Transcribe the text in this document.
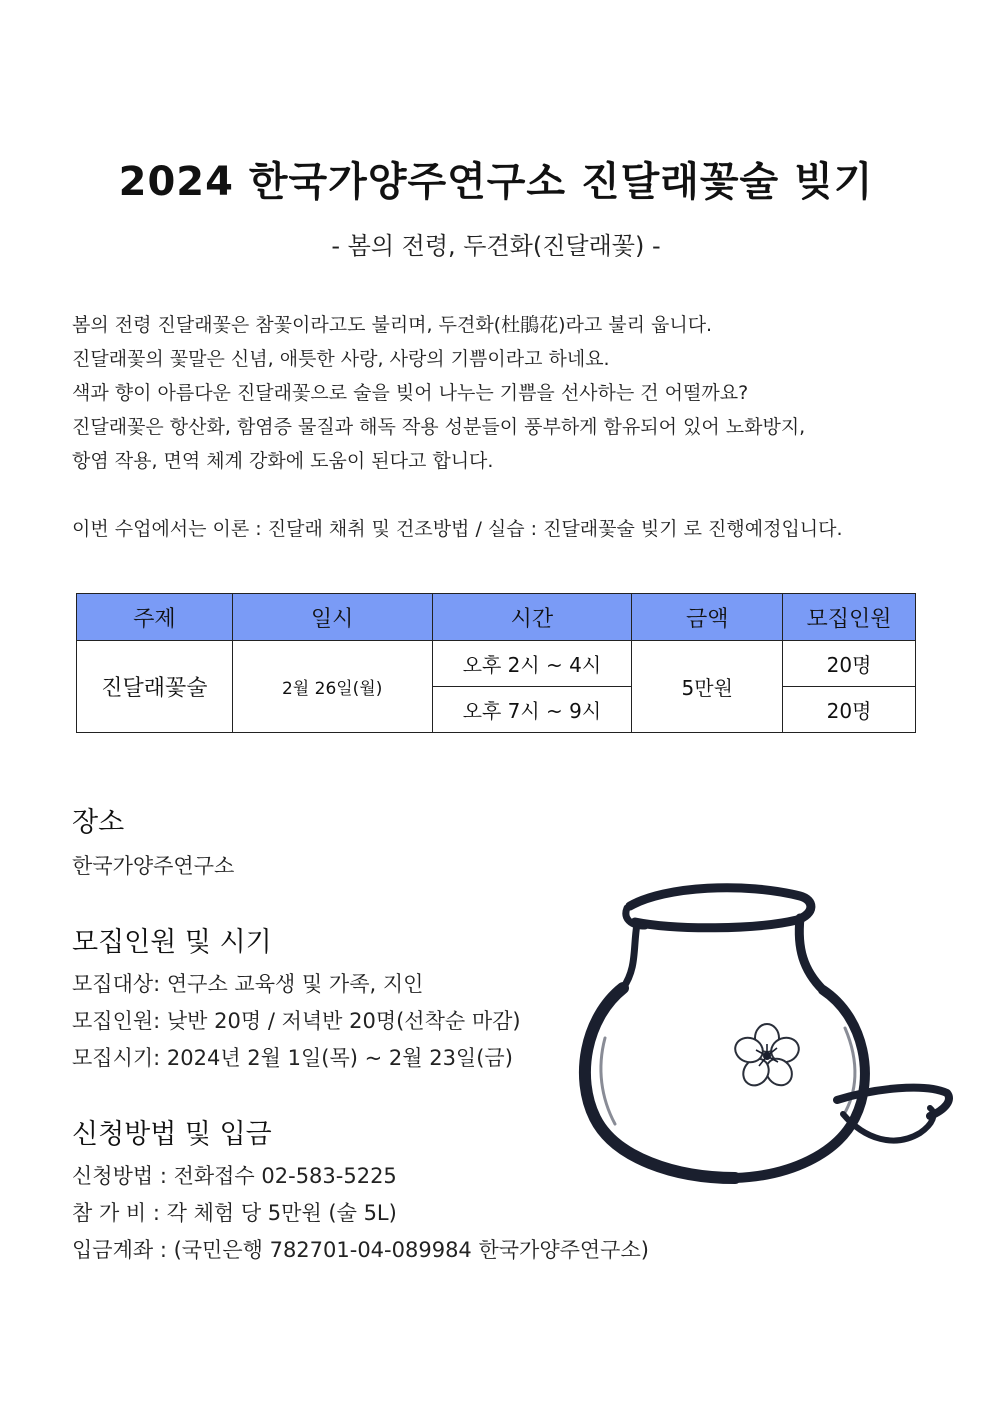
2024 한국가양주연구소 진달래꽃술 빚기
- 봄의 전령, 두견화(진달래꽃) -

봄의 전령 진달래꽃은 참꽃이라고도 불리며, 두견화(杜鵑花)라고 불리 웁니다.

진달래꽃의 꽃말은 신념, 애틋한 사랑, 사랑의 기쁨이라고 하네요.

색과 향이 아름다운 진달래꽃으로 술을 빚어 나누는 기쁨을 선사하는 건 어떨까요?

진달래꽃은 항산화, 함염증 물질과 해독 작용 성분들이 풍부하게 함유되어 있어 노화방지,

항염 작용, 면역 체계 강화에 도움이 된다고 합니다.

이번 수업에서는 이론 : 진달래 채취 및 건조방법 / 실습 : 진달래꽃술 빚기 로 진행예정입니다.

주제	일시	시간	금액	모집인원
진달래꽃술	2월 26일(월)	오후 2시 ~ 4시	5만원	20명
		오후 7시 ~ 9시		20명
장소
한국가양주연구소
모집인원 및 시기
모집대상: 연구소 교육생 및 가족, 지인
모집인원: 낮반 20명 / 저녁반 20명(선착순 마감)
모집시기: 2024년 2월 1일(목) ~ 2월 23일(금)
신청방법 및 입금
신청방법 : 전화접수 02-583-5225
참 가 비 : 각 체험 당 5만원 (술 5L)
입금계좌 : (국민은행 782701-04-089984 한국가양주연구소)
